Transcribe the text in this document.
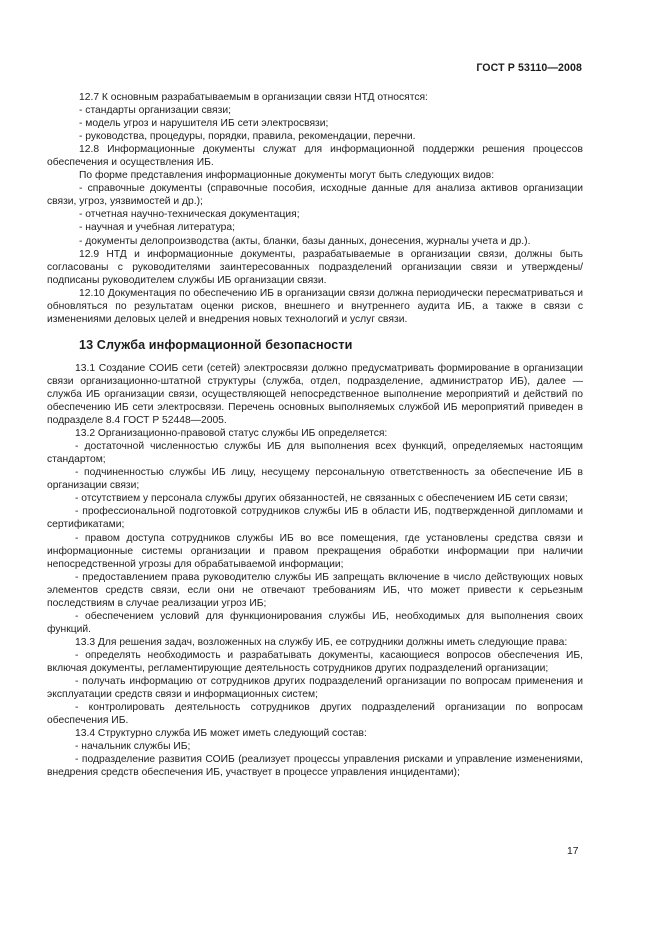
ГОСТ Р 53110—2008

12.7 К основным разрабатываемым в организации связи НТД относятся:

- стандарты организации связи;

- модель угроз и нарушителя ИБ сети электросвязи;

- руководства, процедуры, порядки, правила, рекомендации, перечни.

12.8 Информационные документы служат для информационной поддержки решения процессов обеспечения и осуществления ИБ.

По форме представления информационные документы могут быть следующих видов:

- справочные документы (справочные пособия, исходные данные для анализа активов организации связи, угроз, уязвимостей и др.);

- отчетная научно-техническая документация;

- научная и учебная литература;

- документы делопроизводства (акты, бланки, базы данных, донесения, журналы учета и др.).

12.9 НТД и информационные документы, разрабатываемые в организации связи, должны быть согласованы с руководителями заинтересованных подразделений организации связи и утверждены/подписаны руководителем службы ИБ организации связи.

12.10 Документация по обеспечению ИБ в организации связи должна периодически пересматриваться и обновляться по результатам оценки рисков, внешнего и внутреннего аудита ИБ, а также в связи с изменениями деловых целей и внедрения новых технологий и услуг связи.

13 Служба информационной безопасности

13.1 Создание СОИБ сети (сетей) электросвязи должно предусматривать формирование в организации связи организационно-штатной структуры (служба, отдел, подразделение, администратор ИБ), далее — служба ИБ организации связи, осуществляющей непосредственное выполнение мероприятий и действий по обеспечению ИБ сети электросвязи. Перечень основных выполняемых службой ИБ мероприятий приведен в подразделе 8.4 ГОСТ Р 52448—2005.

13.2 Организационно-правовой статус службы ИБ определяется:

- достаточной численностью службы ИБ для выполнения всех функций, определяемых настоящим стандартом;

- подчиненностью службы ИБ лицу, несущему персональную ответственность за обеспечение ИБ в организации связи;

- отсутствием у персонала службы других обязанностей, не связанных с обеспечением ИБ сети связи;

- профессиональной подготовкой сотрудников службы ИБ в области ИБ, подтвержденной дипломами и сертификатами;

- правом доступа сотрудников службы ИБ во все помещения, где установлены средства связи и информационные системы организации и правом прекращения обработки информации при наличии непосредственной угрозы для обрабатываемой информации;

- предоставлением права руководителю службы ИБ запрещать включение в число действующих новых элементов средств связи, если они не отвечают требованиям ИБ, что может привести к серьезным последствиям в случае реализации угроз ИБ;

- обеспечением условий для функционирования службы ИБ, необходимых для выполнения своих функций.

13.3 Для решения задач, возложенных на службу ИБ, ее сотрудники должны иметь следующие права:

- определять необходимость и разрабатывать документы, касающиеся вопросов обеспечения ИБ, включая документы, регламентирующие деятельность сотрудников других подразделений организации;

- получать информацию от сотрудников других подразделений организации по вопросам применения и эксплуатации средств связи и информационных систем;

- контролировать деятельность сотрудников других подразделений организации по вопросам обеспечения ИБ.

13.4 Структурно служба ИБ может иметь следующий состав:

- начальник службы ИБ;

- подразделение развития СОИБ (реализует процессы управления рисками и управление изменениями, внедрения средств обеспечения ИБ, участвует в процессе управления инцидентами);

17
